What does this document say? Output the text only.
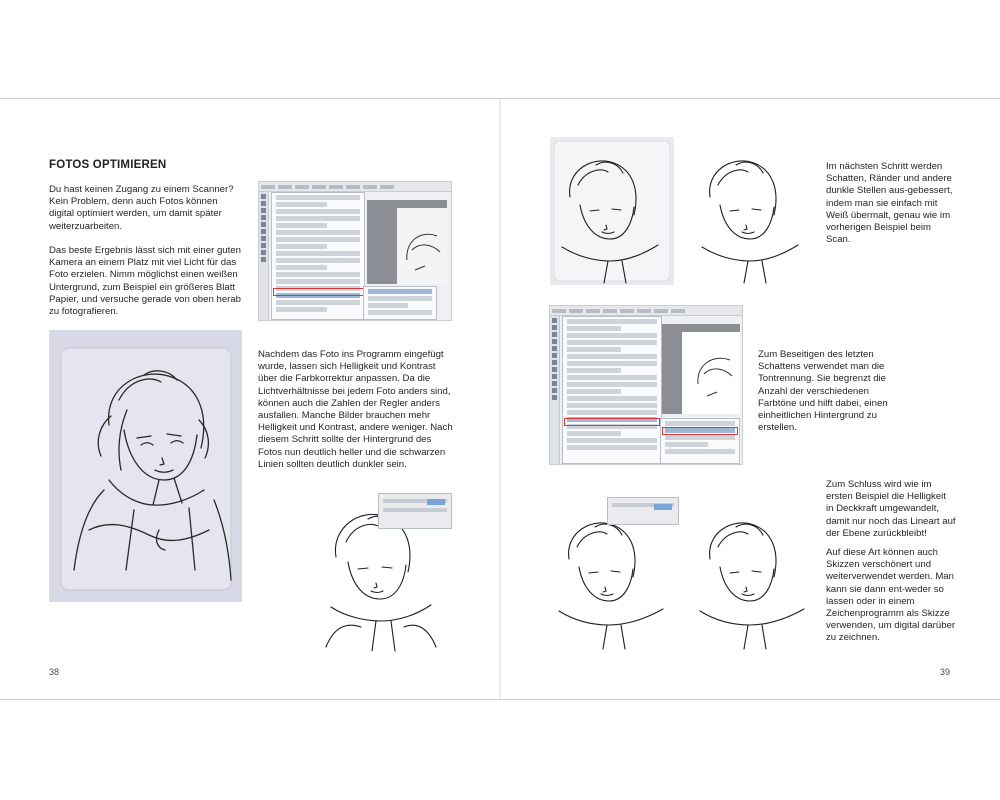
FOTOS OPTIMIEREN

Du hast keinen Zugang zu einem Scanner? Kein Problem, denn auch Fotos können digital optimiert werden, um damit später weiterzuarbeiten.

Das beste Ergebnis lässt sich mit einer guten Kamera an einem Platz mit viel Licht für das Foto erzielen. Nimm möglichst einen weißen Untergrund, zum Beispiel ein größeres Blatt Papier, und versuche gerade von oben herab zu fotografieren.

Nachdem das Foto ins Programm eingefügt wurde, lassen sich Helligkeit und Kontrast über die Farbkorrektur anpassen. Da die Lichtverhältnisse bei jedem Foto anders sind, können auch die Zahlen der Regler anders ausfallen. Manche Bilder brauchen mehr Helligkeit und Kontrast, andere weniger. Nach diesem Schritt sollte der Hintergrund des Fotos nun deutlich heller und die schwarzen Linien sollten deutlich dunkler sein.

38

Im nächsten Schritt werden Schatten, Ränder und andere dunkle Stellen aus-gebessert, indem man sie einfach mit Weiß übermalt, genau wie im vorherigen Beispiel beim Scan.

Zum Beseitigen des letzten Schattens verwendet man die Tontrennung. Sie begrenzt die Anzahl der verschiedenen Farbtöne und hilft dabei, einen einheitlichen Hintergrund zu erstellen.

Zum Schluss wird wie im ersten Beispiel die Helligkeit in Deckkraft umgewandelt, damit nur noch das Lineart auf der Ebene zurückbleibt!

Auf diese Art können auch Skizzen verschönert und weiterverwendet werden. Man kann sie dann ent-weder so lassen oder in einem Zeichenprogramm als Skizze verwenden, um digital darüber zu zeichnen.

39
